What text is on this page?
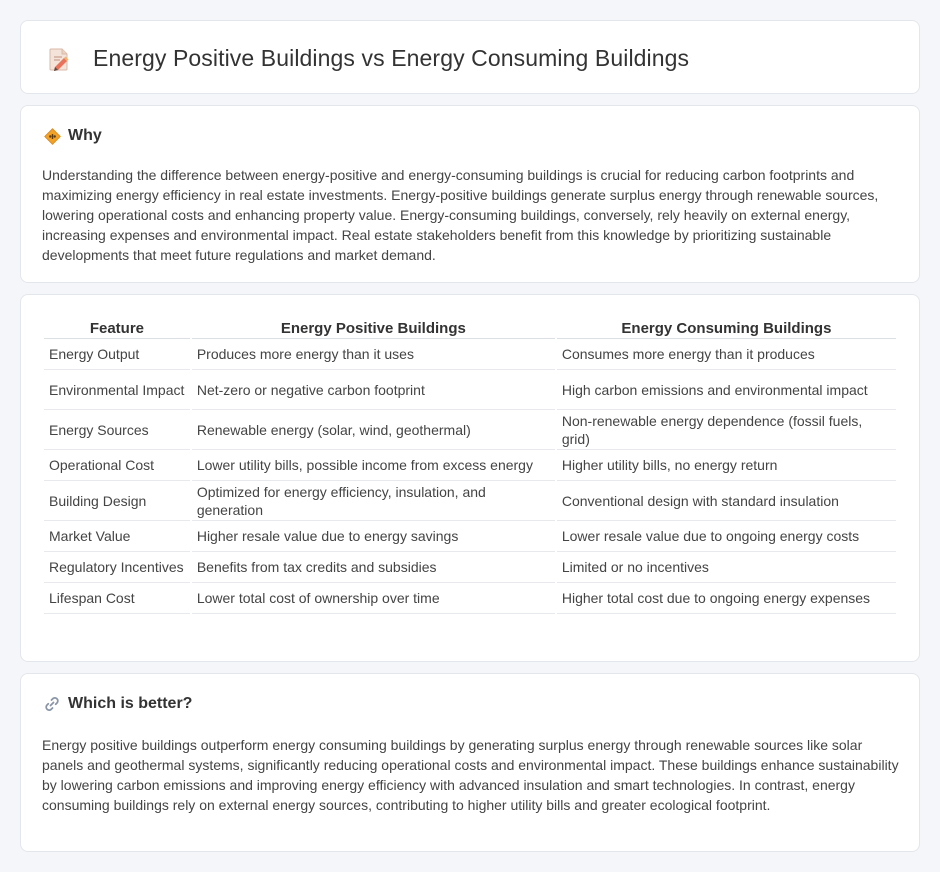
Energy Positive Buildings vs Energy Consuming Buildings
Why

Understanding the difference between energy-positive and energy-consuming buildings is crucial for reducing carbon footprints and maximizing energy efficiency in real estate investments. Energy-positive buildings generate surplus energy through renewable sources, lowering operational costs and enhancing property value. Energy-consuming buildings, conversely, rely heavily on external energy, increasing expenses and environmental impact. Real estate stakeholders benefit from this knowledge by prioritizing sustainable developments that meet future regulations and market demand.

Feature	Energy Positive Buildings	Energy Consuming Buildings
Energy Output	Produces more energy than it uses	Consumes more energy than it produces
Environmental Impact	Net-zero or negative carbon footprint	High carbon emissions and environmental impact
Energy Sources	Renewable energy (solar, wind, geothermal)	Non-renewable energy dependence (fossil fuels, grid)
Operational Cost	Lower utility bills, possible income from excess energy	Higher utility bills, no energy return
Building Design	Optimized for energy efficiency, insulation, and generation	Conventional design with standard insulation
Market Value	Higher resale value due to energy savings	Lower resale value due to ongoing energy costs
Regulatory Incentives	Benefits from tax credits and subsidies	Limited or no incentives
Lifespan Cost	Lower total cost of ownership over time	Higher total cost due to ongoing energy expenses
Which is better?

Energy positive buildings outperform energy consuming buildings by generating surplus energy through renewable sources like solar panels and geothermal systems, significantly reducing operational costs and environmental impact. These buildings enhance sustainability by lowering carbon emissions and improving energy efficiency with advanced insulation and smart technologies. In contrast, energy consuming buildings rely on external energy sources, contributing to higher utility bills and greater ecological footprint.
